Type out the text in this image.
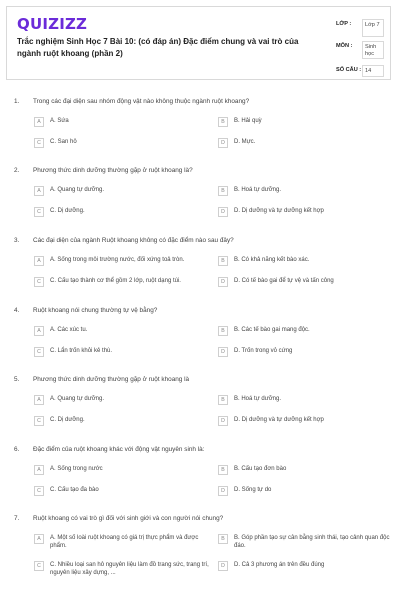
QUIZIZZ
Trắc nghiệm Sinh Học 7 Bài 10: (có đáp án) Đặc điểm chung và vai trò của ngành ruột khoang (phần 2)
LỚP :	Lớp 7
MÔN :	Sinh học
SỐ CÂU : 14
1. Trong các đại diện sau nhóm động vật nào không thuộc ngành ruột khoang?
A	A. Sứa	B	B. Hải quỳ
C	C. San hô	D	D. Mực.
2. Phương thức dinh dưỡng thường gặp ở ruột khoang là?
A	A. Quang tự dưỡng.	B	B. Hoá tự dưỡng.
C	C. Dị dưỡng.	D	D. Dị dưỡng và tự dưỡng kết hợp
3. Các đại diện của ngành Ruột khoang không có đặc điểm nào sau đây?
A	A. Sống trong môi trường nước, đối xứng toả tròn.	B	B. Có khả năng kết bào xác.
C	C. Cấu tạo thành cơ thể gồm 2 lớp, ruột dạng túi.	D	D. Có tế bào gai để tự vệ và tấn công
4. Ruột khoang nói chung thường tự vệ bằng?
A	A. Các xúc tu.	B	B. Các tế bào gai mang độc.
C	C. Lẩn trốn khỏi kẻ thù.	D	D. Trốn trong vỏ cứng
5. Phương thức dinh dưỡng thường gặp ở ruột khoang là
A	A. Quang tự dưỡng.	B	B. Hoá tự dưỡng.
C	C. Dị dưỡng.	D	D. Dị dưỡng và tự dưỡng kết hợp
6. Đặc điểm của ruột khoang khác với động vật nguyên sinh là:
A	A. Sống trong nước	B	B. Cấu tạo đơn bào
C	C. Cấu tạo đa bào	D	D. Sống tự do
7. Ruột khoang có vai trò gì đối với sinh giới và con người nói chung?
A	A. Một số loài ruột khoang có giá trị thực phẩm và được phẩm.
B	B. Góp phần tạo sự cân bằng sinh thái, tạo cảnh quan độc đáo.
C	C. Nhiều loại san hô nguyên liệu làm đồ trang sức, trang trí, nguyên liệu xây dựng, ...
D	D. Cả 3 phương án trên đều đúng
